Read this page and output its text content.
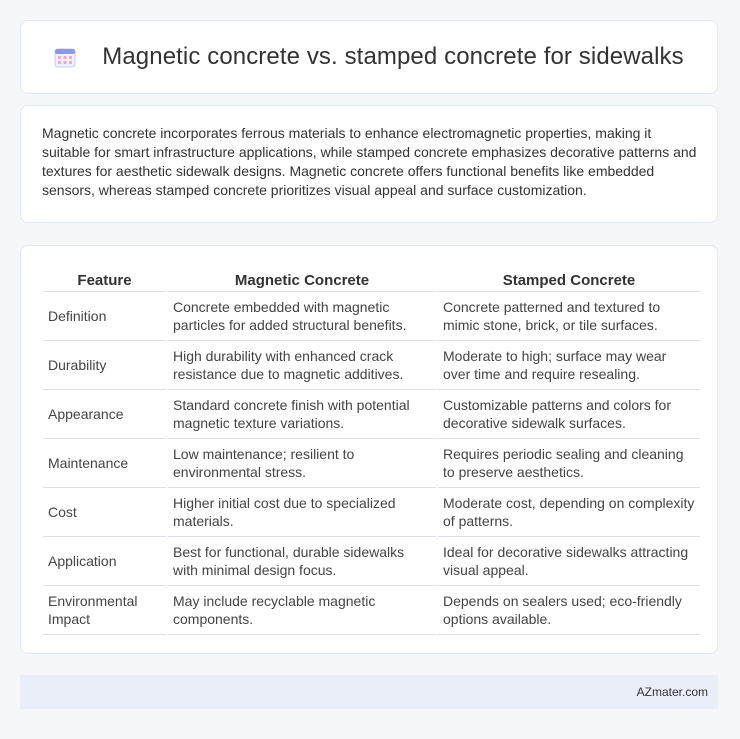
Magnetic concrete vs. stamped concrete for sidewalks

Magnetic concrete incorporates ferrous materials to enhance electromagnetic properties, making it suitable for smart infrastructure applications, while stamped concrete emphasizes decorative patterns and textures for aesthetic sidewalk designs. Magnetic concrete offers functional benefits like embedded sensors, whereas stamped concrete prioritizes visual appeal and surface customization.

Feature	Magnetic Concrete	Stamped Concrete
Definition	Concrete embedded with magnetic particles for added structural benefits.	Concrete patterned and textured to mimic stone, brick, or tile surfaces.
Durability	High durability with enhanced crack resistance due to magnetic additives.	Moderate to high; surface may wear over time and require resealing.
Appearance	Standard concrete finish with potential magnetic texture variations.	Customizable patterns and colors for decorative sidewalk surfaces.
Maintenance	Low maintenance; resilient to environmental stress.	Requires periodic sealing and cleaning to preserve aesthetics.
Cost	Higher initial cost due to specialized materials.	Moderate cost, depending on complexity of patterns.
Application	Best for functional, durable sidewalks with minimal design focus.	Ideal for decorative sidewalks attracting visual appeal.
Environmental Impact	May include recyclable magnetic components.	Depends on sealers used; eco-friendly options available.
AZmater.com
